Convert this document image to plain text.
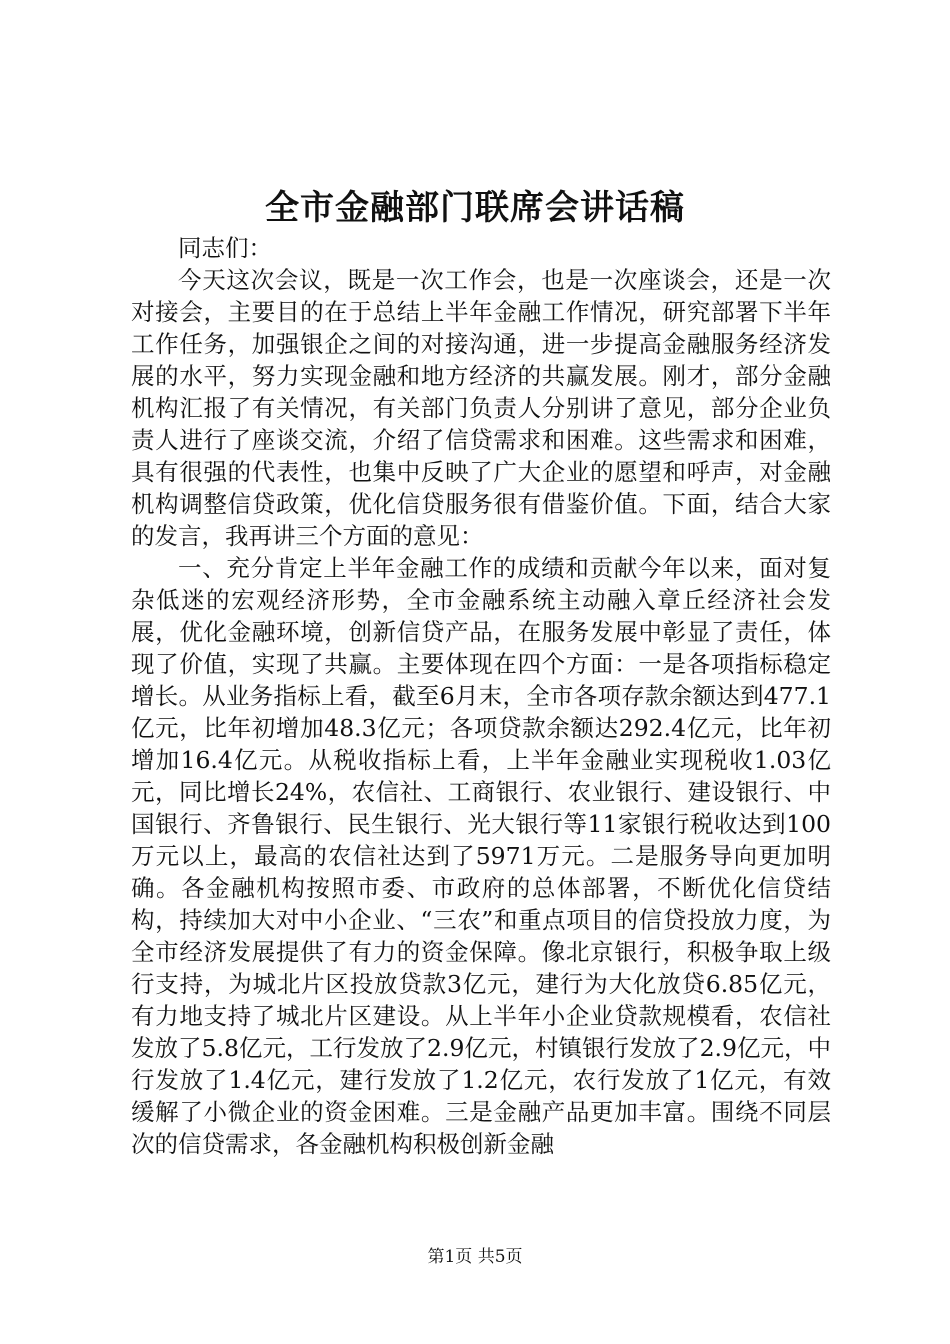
全市金融部门联席会讲话稿

同志们：

今天这次会议，既是一次工作会，也是一次座谈会，还是一次对接会，主要目的在于总结上半年金融工作情况，研究部署下半年工作任务，加强银企之间的对接沟通，进一步提高金融服务经济发展的水平，努力实现金融和地方经济的共赢发展。刚才，部分金融机构汇报了有关情况，有关部门负责人分别讲了意见，部分企业负责人进行了座谈交流，介绍了信贷需求和困难。这些需求和困难，具有很强的代表性，也集中反映了广大企业的愿望和呼声，对金融机构调整信贷政策，优化信贷服务很有借鉴价值。下面，结合大家的发言，我再讲三个方面的意见：

一、充分肯定上半年金融工作的成绩和贡献今年以来，面对复杂低迷的宏观经济形势，全市金融系统主动融入章丘经济社会发展，优化金融环境，创新信贷产品，在服务发展中彰显了责任，体现了价值，实现了共赢。主要体现在四个方面：一是各项指标稳定增长。从业务指标上看，截至6月末，全市各项存款余额达到477.1亿元，比年初增加48.3亿元；各项贷款余额达292.4亿元，比年初增加16.4亿元。从税收指标上看，上半年金融业实现税收1.03亿元，同比增长24%，农信社、工商银行、农业银行、建设银行、中国银行、齐鲁银行、民生银行、光大银行等11家银行税收达到100万元以上，最高的农信社达到了5971万元。二是服务导向更加明确。各金融机构按照市委、市政府的总体部署，不断优化信贷结构，持续加大对中小企业、“三农”和重点项目的信贷投放力度，为全市经济发展提供了有力的资金保障。像北京银行，积极争取上级行支持，为城北片区投放贷款3亿元，建行为大化放贷6.85亿元，有力地支持了城北片区建设。从上半年小企业贷款规模看，农信社发放了5.8亿元，工行发放了2.9亿元，村镇银行发放了2.9亿元，中行发放了1.4亿元，建行发放了1.2亿元，农行发放了1亿元，有效缓解了小微企业的资金困难。三是金融产品更加丰富。围绕不同层次的信贷需求，各金融机构积极创新金融

第1页 共5页
